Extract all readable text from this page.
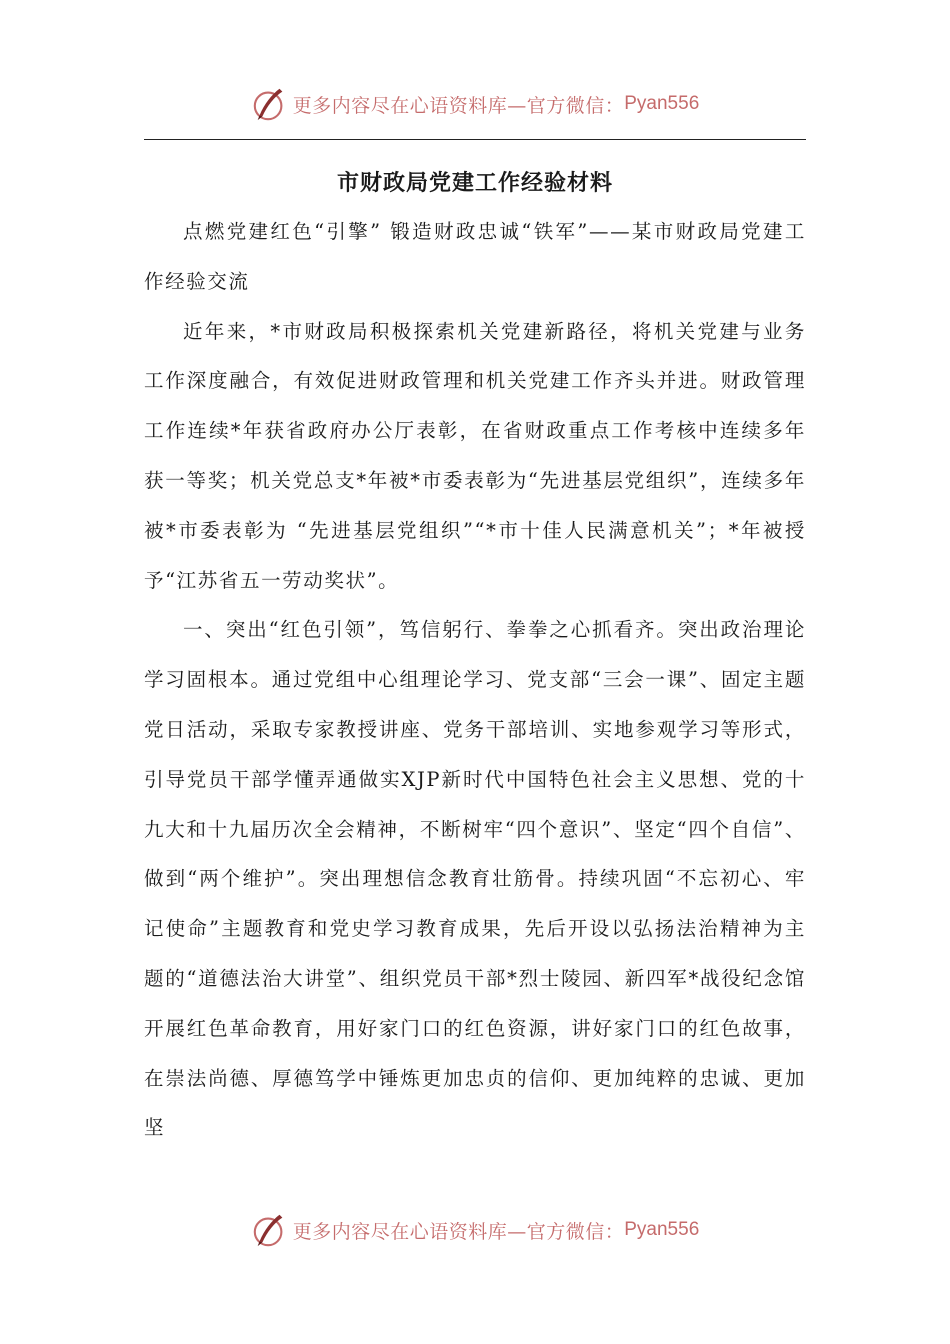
更多内容尽在心语资料库—官方微信： Pyan556
市财政局党建工作经验材料

点燃党建红色“引擎” 锻造财政忠诚“铁军”——某市财政局党建工作经验交流

近年来，*市财政局积极探索机关党建新路径，将机关党建与业务工作深度融合，有效促进财政管理和机关党建工作齐头并进。财政管理工作连续*年获省政府办公厅表彰，在省财政重点工作考核中连续多年获一等奖；机关党总支*年被*市委表彰为“先进基层党组织”，连续多年被*市委表彰为 “先进基层党组织”“*市十佳人民满意机关”；*年被授予“江苏省五一劳动奖状”。

一、突出“红色引领”，笃信躬行、拳拳之心抓看齐。突出政治理论学习固根本。通过党组中心组理论学习、党支部“三会一课”、固定主题党日活动，采取专家教授讲座、党务干部培训、实地参观学习等形式，引导党员干部学懂弄通做实XJP新时代中国特色社会主义思想、党的十九大和十九届历次全会精神，不断树牢“四个意识”、坚定“四个自信”、做到“两个维护”。突出理想信念教育壮筋骨。持续巩固“不忘初心、牢记使命”主题教育和党史学习教育成果，先后开设以弘扬法治精神为主题的“道德法治大讲堂”、组织党员干部*烈士陵园、新四军*战役纪念馆开展红色革命教育，用好家门口的红色资源，讲好家门口的红色故事，在崇法尚德、厚德笃学中锤炼更加忠贞的信仰、更加纯粹的忠诚、更加坚

更多内容尽在心语资料库—官方微信： Pyan556
